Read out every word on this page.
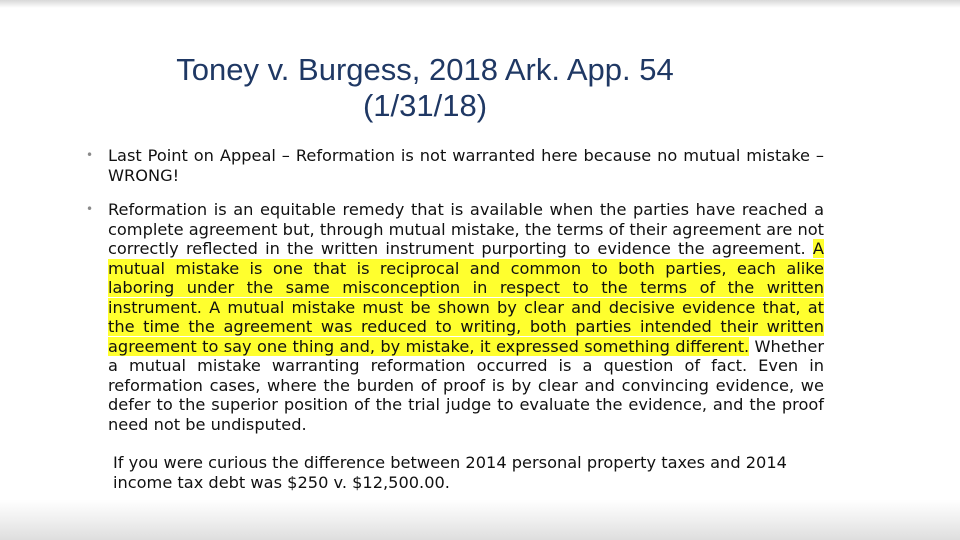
Toney v. Burgess, 2018 Ark. App. 54
(1/31/18)
• Last Point on Appeal – Reformation is not warranted here because no mutual mistake – WRONG!
• Reformation is an equitable remedy that is available when the parties have reached a complete agreement but, through mutual mistake, the terms of their agreement are not correctly reflected in the written instrument purporting to evidence the agreement. A mutual mistake is one that is reciprocal and common to both parties, each alike laboring under the same misconception in respect to the terms of the written instrument. A mutual mistake must be shown by clear and decisive evidence that, at the time the agreement was reduced to writing, both parties intended their written agreement to say one thing and, by mistake, it expressed something different. Whether a mutual mistake warranting reformation occurred is a question of fact. Even in reformation cases, where the burden of proof is by clear and convincing evidence, we defer to the superior position of the trial judge to evaluate the evidence, and the proof need not be undisputed.

If you were curious the difference between 2014 personal property taxes and 2014 income tax debt was $250 v. $12,500.00.
